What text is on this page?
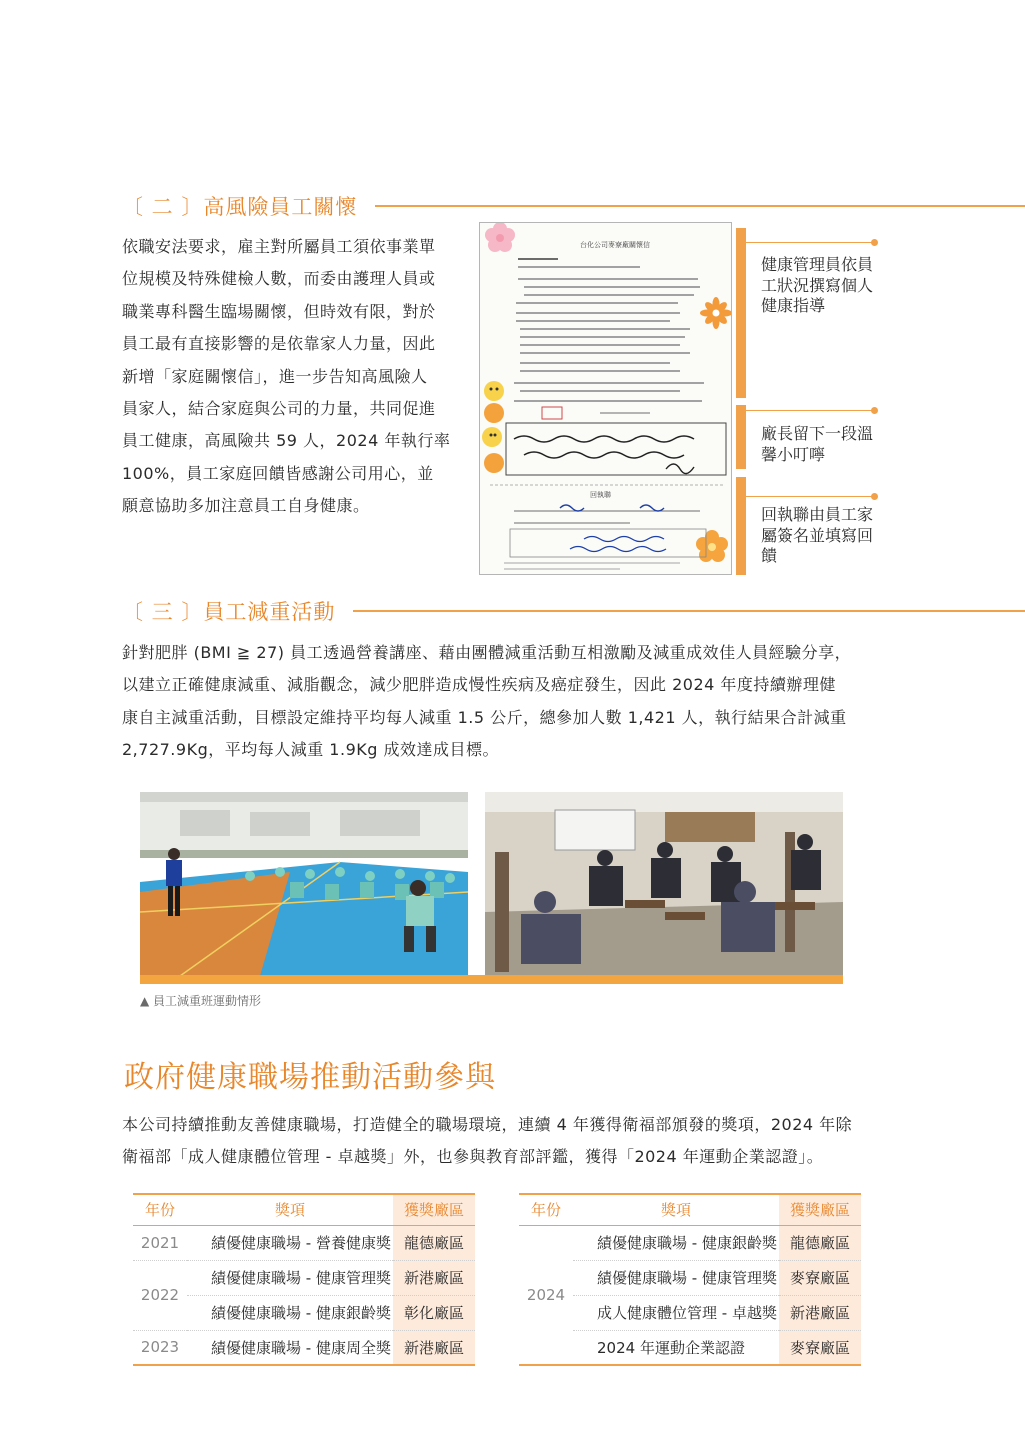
〔 二 〕高風險員工關懷
依職安法要求，雇主對所屬員工須依事業單
位規模及特殊健檢人數，而委由護理人員或
職業專科醫生臨場關懷，但時效有限，對於
員工最有直接影響的是依靠家人力量，因此
新增「家庭關懷信」，進一步告知高風險人
員家人，結合家庭與公司的力量，共同促進
員工健康，高風險共 59 人，2024 年執行率
100%，員工家庭回饋皆感謝公司用心，並
願意協助多加注意員工自身健康。
台化公司麥寮廠關懷信
回執聯
健康管理員依員
工狀況撰寫個人
健康指導
廠長留下一段溫
馨小叮嚀
回執聯由員工家
屬簽名並填寫回
饋
〔 三 〕員工減重活動
針對肥胖 (BMI ≧ 27) 員工透過營養講座、藉由團體減重活動互相激勵及減重成效佳人員經驗分享，
以建立正確健康減重、減脂觀念，減少肥胖造成慢性疾病及癌症發生，因此 2024 年度持續辦理健
康自主減重活動，目標設定維持平均每人減重 1.5 公斤，總參加人數 1,421 人，執行結果合計減重
2,727.9Kg，平均每人減重 1.9Kg 成效達成目標。
▲ 員工減重班運動情形
政府健康職場推動活動參與
本公司持續推動友善健康職場，打造健全的職場環境，連續 4 年獲得衛福部頒發的獎項，2024 年除
衛福部「成人健康體位管理 - 卓越獎」外，也參與教育部評鑑，獲得「2024 年運動企業認證」。
年份	獎項	獲獎廠區
2021	績優健康職場 - 營養健康獎	龍德廠區
2022	績優健康職場 - 健康管理獎	新港廠區
	績優健康職場 - 健康銀齡獎	彰化廠區
2023	績優健康職場 - 健康周全獎	新港廠區
年份	獎項	獲獎廠區
2024	績優健康職場 - 健康銀齡獎	龍德廠區
	績優健康職場 - 健康管理獎	麥寮廠區
	成人健康體位管理 - 卓越獎	新港廠區
	2024 年運動企業認證	麥寮廠區
